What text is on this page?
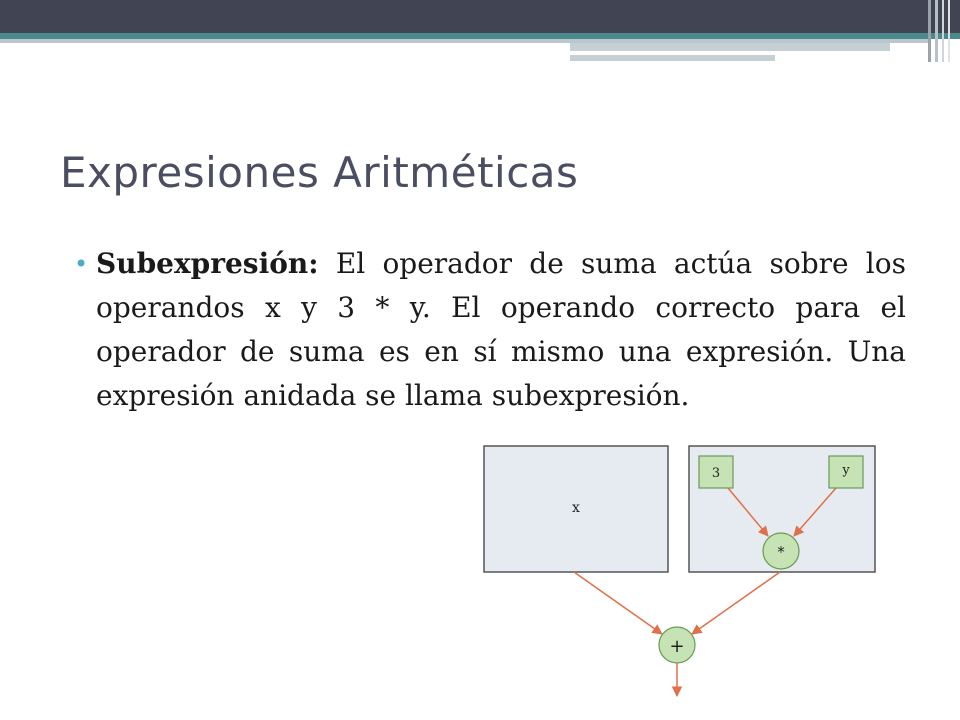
Expresiones Aritméticas
• Subexpresión: El operador de suma actúa sobre los operandos x y 3 * y. El operando correcto para el operador de suma es en sí mismo una expresión. Una expresión anidada se llama subexpresión.
x
3	y
*
+
